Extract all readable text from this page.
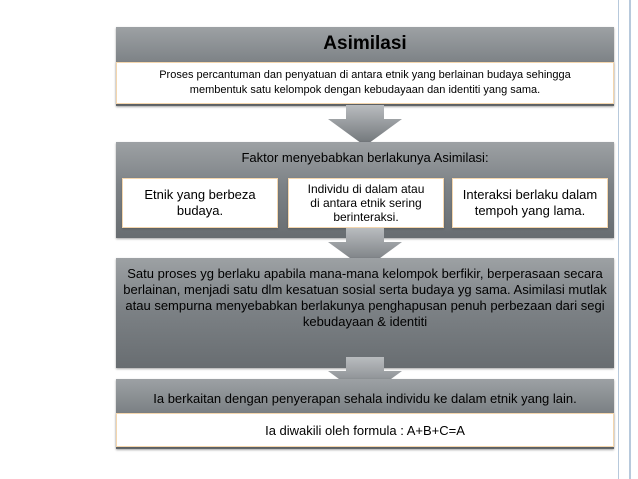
Asimilasi
Proses percantuman dan penyatuan di antara etnik yang berlainan budaya sehingga membentuk satu kelompok dengan kebudayaan dan identiti yang sama.
Faktor menyebabkan berlakunya Asimilasi:
Etnik yang berbeza budaya.
Individu di dalam atau di antara etnik sering berinteraksi.
Interaksi berlaku dalam tempoh yang lama.
Satu proses yg berlaku apabila mana-mana kelompok berfikir, berperasaan secara berlainan, menjadi satu dlm kesatuan sosial serta budaya yg sama. Asimilasi mutlak atau sempurna menyebabkan berlakunya penghapusan penuh perbezaan dari segi kebudayaan & identiti
Ia berkaitan dengan penyerapan sehala individu ke dalam etnik yang lain.
Ia diwakili oleh formula : A+B+C=A
